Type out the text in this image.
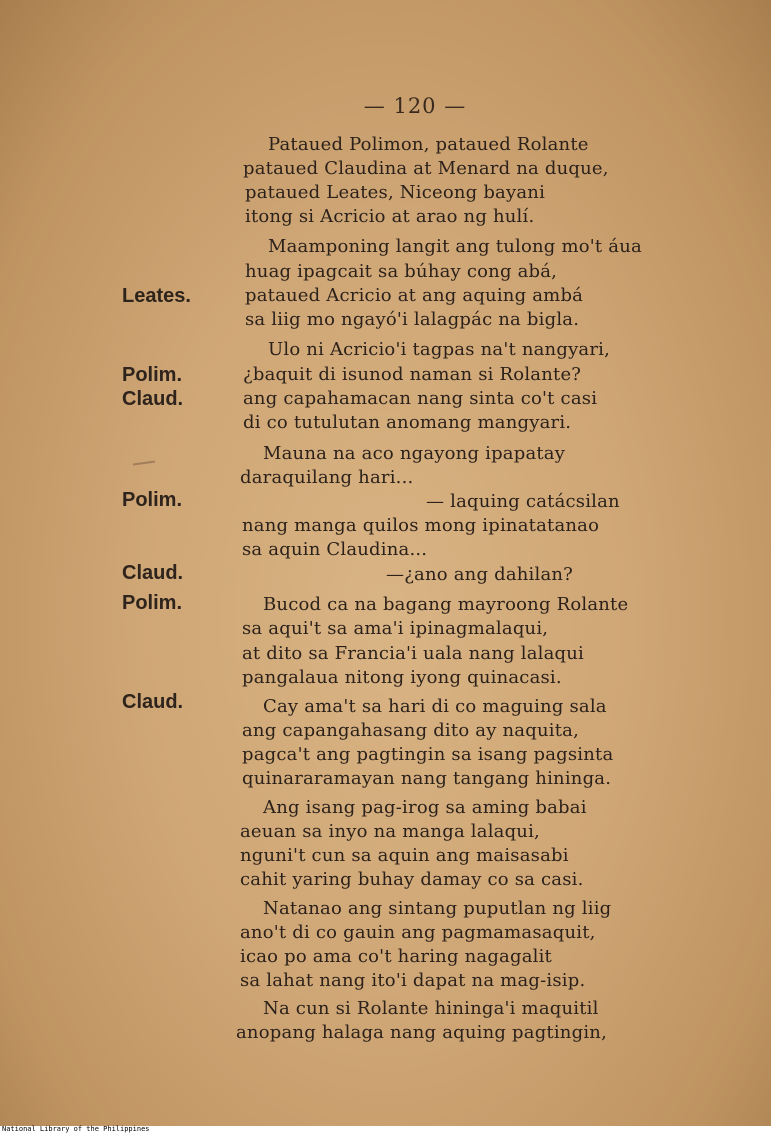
— 120 —
Leates.
Polim.
Claud.
Polim.
Claud.
Polim.
Claud.
Pataued Polimon, pataued Rolante
pataued Claudina at Menard na duque,
pataued Leates, Niceong bayani
itong si Acricio at arao ng hulí.
Maamponing langit ang tulong mo't áua
huag ipagcait sa búhay cong abá,
pataued Acricio at ang aquing ambá
sa liig mo ngayó'i lalagpác na bigla.
Ulo ni Acricio'i tagpas na't nangyari,
¿baquit di isunod naman si Rolante?
ang capahamacan nang sinta co't casi
di co tutulutan anomang mangyari.
Mauna na aco ngayong ipapatay
daraquilang hari...
— laquing catácsilan
nang manga quilos mong ipinatatanao
sa aquin Claudina...
—¿ano ang dahilan?
Bucod ca na bagang mayroong Rolante
sa aqui't sa ama'i ipinagmalaqui,
at dito sa Francia'i uala nang lalaqui
pangalaua nitong iyong quinacasi.
Cay ama't sa hari di co maguing sala
ang capangahasang dito ay naquita,
pagca't ang pagtingin sa isang pagsinta
quinararamayan nang tangang hininga.
Ang isang pag-irog sa aming babai
aeuan sa inyo na manga lalaqui,
nguni't cun sa aquin ang maisasabi
cahit yaring buhay damay co sa casi.
Natanao ang sintang puputlan ng liig
ano't di co gauin ang pagmamasaquit,
icao po ama co't haring nagagalit
sa lahat nang ito'i dapat na mag-isip.
Na cun si Rolante hininga'i maquitil
anopang halaga nang aquing pagtingin,
National Library of the Philippines
